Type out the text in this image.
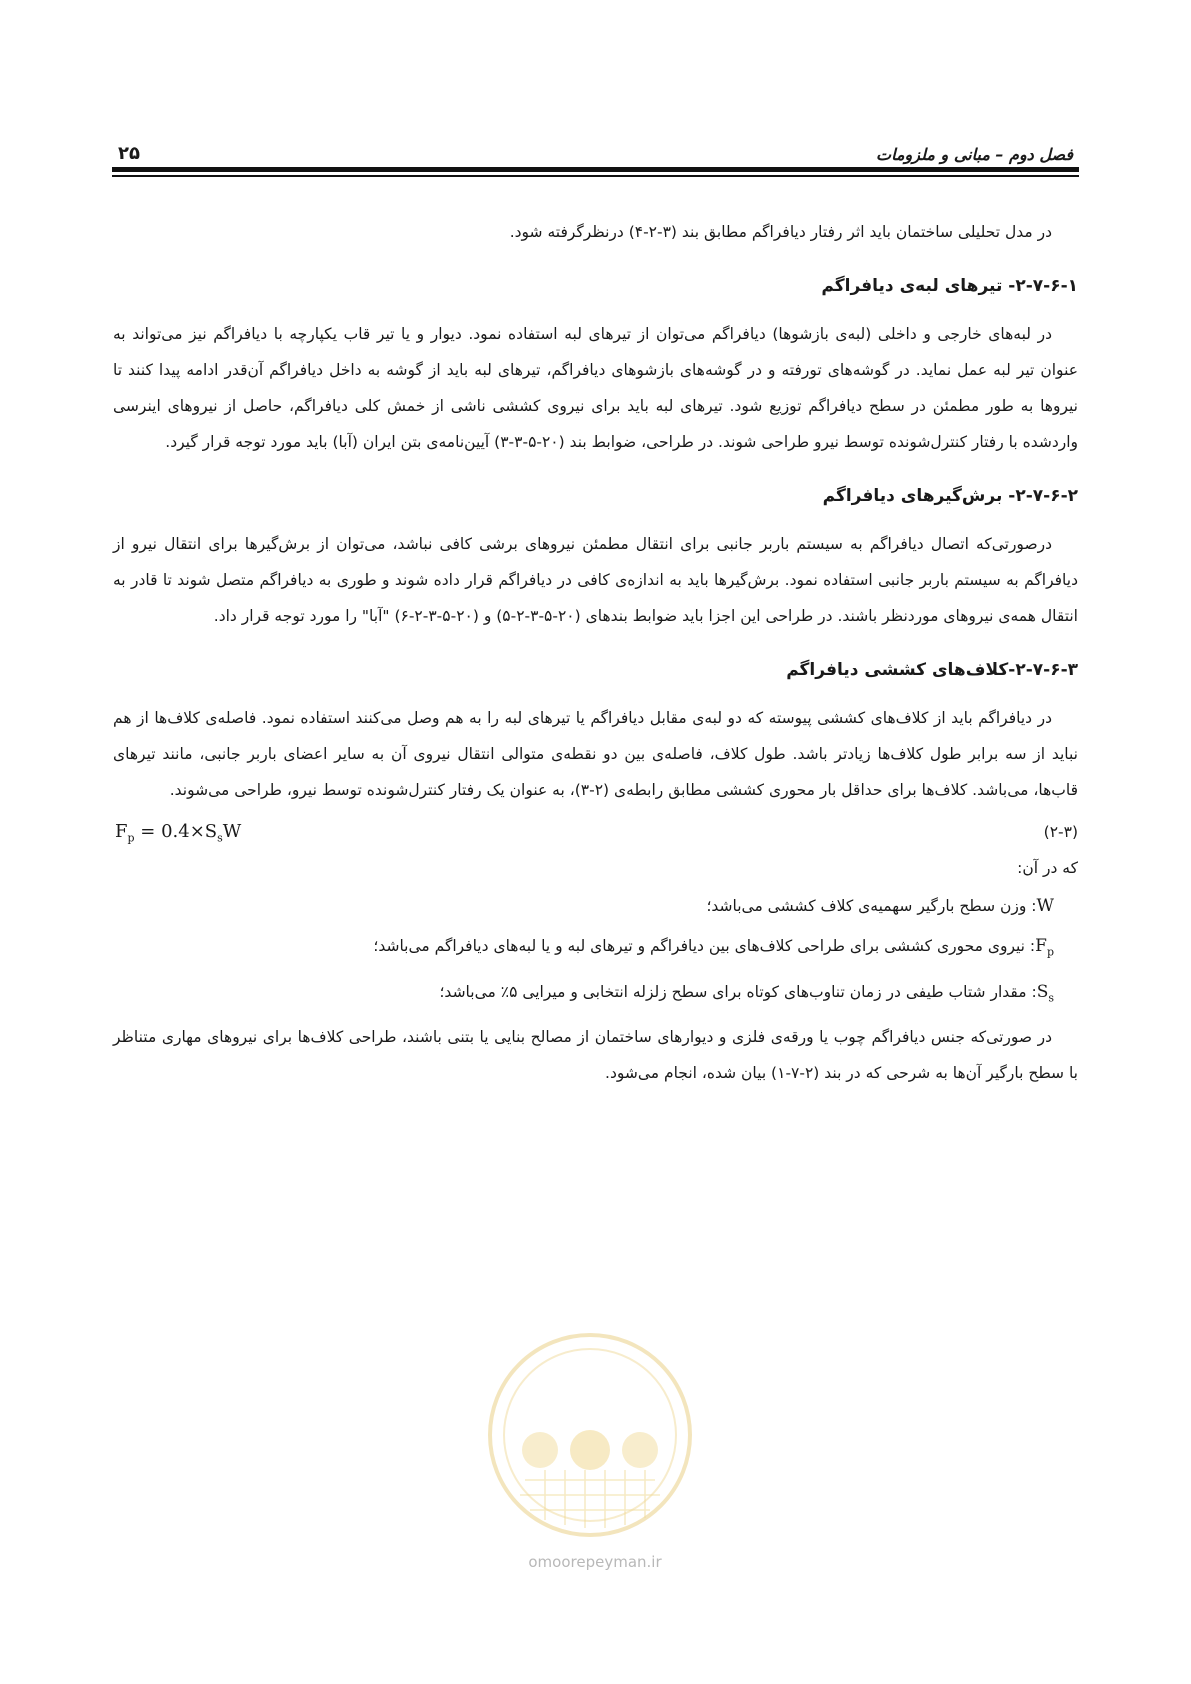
۲۵	فصل دوم – مبانی و ملزومات

در مدل تحلیلی ساختمان باید اثر رفتار دیافراگم مطابق بند (۳-۲-۴) درنظرگرفته شود.

۲-۷-۶-۱- تیرهای لبه‌ی دیافراگم

در لبه‌های خارجی و داخلی (لبه‌ی بازشوها) دیافراگم می‌توان از تیرهای لبه استفاده نمود. دیوار و یا تیر قاب یکپارچه با دیافراگم نیز می‌تواند به عنوان تیر لبه عمل نماید. در گوشه‌های تورفته و در گوشه‌های بازشوهای دیافراگم، تیرهای لبه باید از گوشه به داخل دیافراگم آن‌قدر ادامه پیدا کنند تا نیروها به طور مطمئن در سطح دیافراگم توزیع شود. تیرهای لبه باید برای نیروی کششی ناشی از خمش کلی دیافراگم، حاصل از نیروهای اینرسی واردشده با رفتار کنترل‌شونده توسط نیرو طراحی شوند. در طراحی، ضوابط بند (۲۰-۵-۳-۳) آیین‌نامه‌ی بتن ایران (آبا) باید مورد توجه قرار گیرد.

۲-۷-۶-۲- برش‌گیرهای دیافراگم

درصورتی‌که اتصال دیافراگم به سیستم باربر جانبی برای انتقال مطمئن نیروهای برشی کافی نباشد، می‌توان از برش‌گیرها برای انتقال نیرو از دیافراگم به سیستم باربر جانبی استفاده نمود. برش‌گیرها باید به اندازه‌ی کافی در دیافراگم قرار داده شوند و طوری به دیافراگم متصل شوند تا قادر به انتقال همه‌ی نیروهای موردنظر باشند. در طراحی این اجزا باید ضوابط بندهای (۲۰-۵-۳-۲-۵) و (۲۰-۵-۳-۲-۶) "آبا" را مورد توجه قرار داد.

۲-۷-۶-۳-کلاف‌های کششی دیافراگم

در دیافراگم باید از کلاف‌های کششی پیوسته که دو لبه‌ی مقابل دیافراگم یا تیرهای لبه را به هم وصل می‌کنند استفاده نمود. فاصله‌ی کلاف‌ها از هم نباید از سه برابر طول کلاف‌ها زیادتر باشد. طول کلاف، فاصله‌ی بین دو نقطه‌ی متوالی انتقال نیروی آن به سایر اعضای باربر جانبی، مانند تیرهای قاب‌ها، می‌باشد. کلاف‌ها برای حداقل بار محوری کششی مطابق رابطه‌ی (۲-۳)، به عنوان یک رفتار کنترل‌شونده توسط نیرو، طراحی می‌شوند.

(۲-۳)
$F_p = 0.4\times S_sW$

که در آن:

W: وزن سطح بارگیر سهمیه‌ی کلاف کششی می‌باشد؛
$F_p$: نیروی محوری کششی برای طراحی کلاف‌های بین دیافراگم و تیرهای لبه و یا لبه‌های دیافراگم می‌باشد؛
$S_s$: مقدار شتاب طیفی در زمان تناوب‌های کوتاه برای سطح زلزله انتخابی و میرایی ۵٪ می‌باشد؛

در صورتی‌که جنس دیافراگم چوب یا ورقه‌ی فلزی و دیوارهای ساختمان از مصالح بنایی یا بتنی باشند، طراحی کلاف‌ها برای نیروهای مهاری متناظر با سطح بارگیر آن‌ها به شرحی که در بند (۲-۷-۱) بیان شده، انجام می‌شود.

omoorepeyman.ir
